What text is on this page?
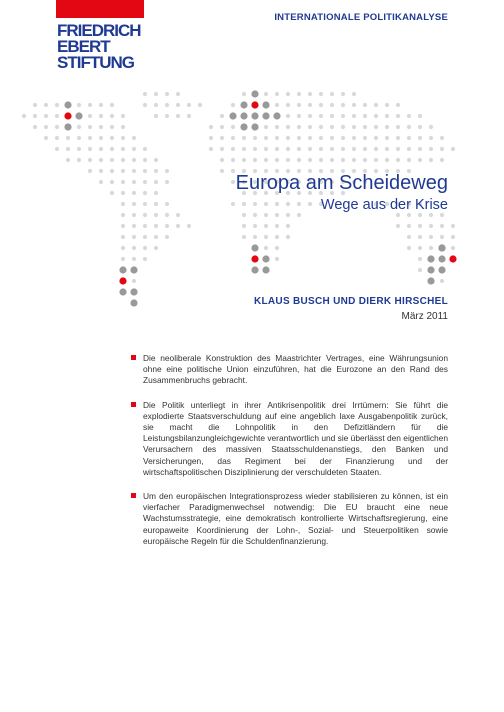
FRIEDRICH
EBERT
STIFTUNG
INTERNATIONALE POLITIKANALYSE
Europa am Scheideweg
Wege aus der Krise
KLAUS BUSCH UND DIERK HIRSCHEL
März 2011
Die neoliberale Konstruktion des Maastrichter Vertrages, eine Währungsunion ohne eine politische Union einzuführen, hat die Eurozone an den Rand des Zusammenbruchs gebracht.
Die Politik unterliegt in ihrer Antikrisenpolitik drei Irrtümern: Sie führt die explodierte Staatsverschuldung auf eine angeblich laxe Ausgabenpolitik zurück, sie macht die Lohnpolitik in den Defizitländern für die Leistungsbilanzungleichgewichte verantwortlich und sie überlässt den eigentlichen Verursachern des massiven Staatsschuldenanstiegs, den Banken und Versicherungen, das Regiment bei der Finanzierung und der wirtschaftspolitischen Disziplinierung der verschuldeten Staaten.
Um den europäischen Integrationsprozess wieder stabilisieren zu können, ist ein vierfacher Paradigmenwechsel notwendig: Die EU braucht eine neue Wachstumsstrategie, eine demokratisch kontrollierte Wirtschaftsregierung, eine europaweite Koordinierung der Lohn-, Sozial- und Steuerpolitiken sowie europäische Regeln für die Schuldenfinanzierung.
